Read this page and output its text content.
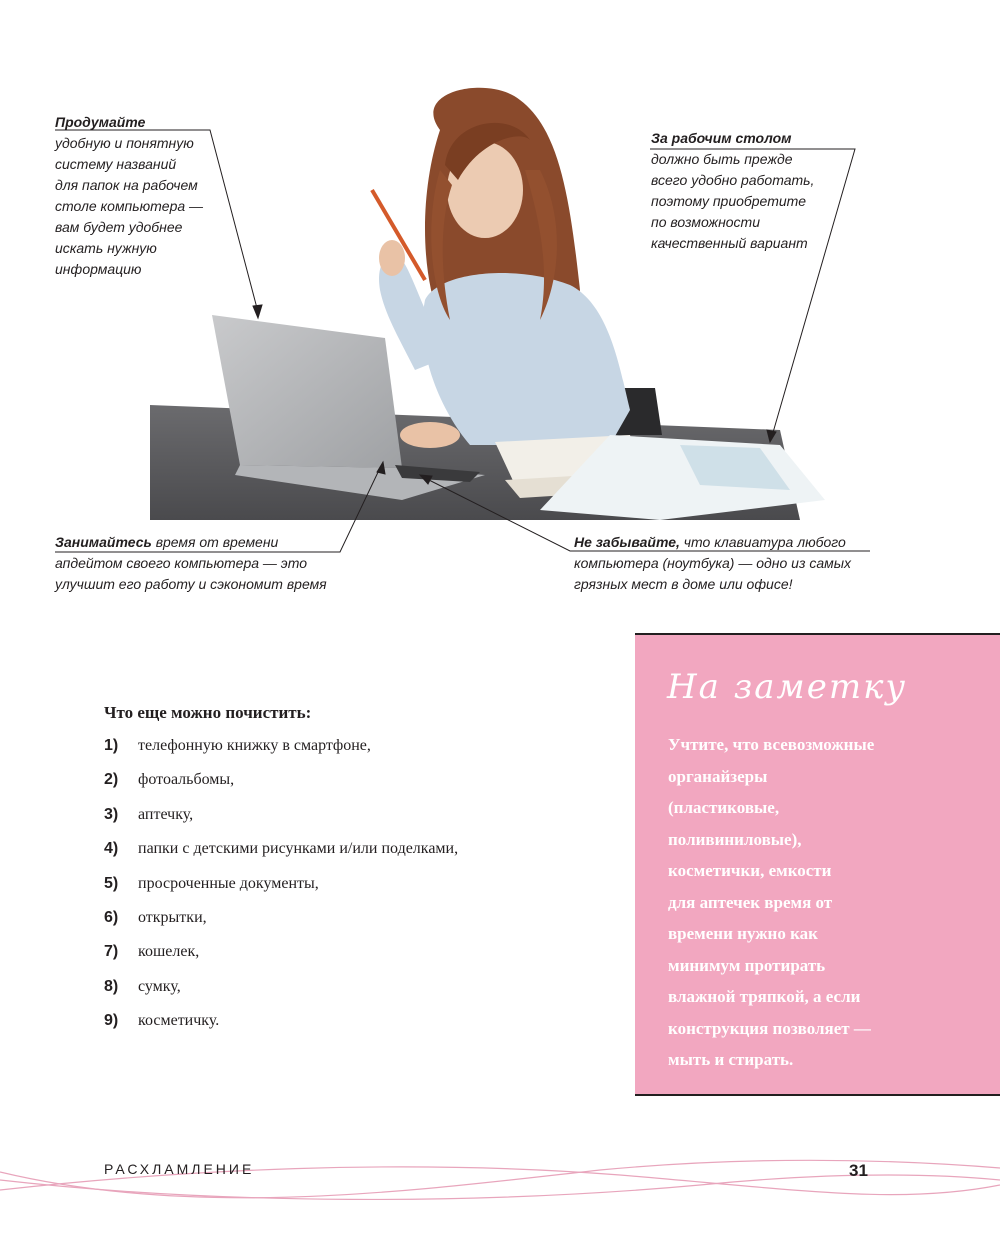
Продумайте
удобную и понятную
систему названий
для папок на рабочем
столе компьютера —
вам будет удобнее
искать нужную
информацию
За рабочим столом
должно быть прежде
всего удобно работать,
поэтому приобретите
по возможности
качественный вариант
Занимайтесь время от времени
апдейтом своего компьютера — это
улучшит его работу и сэкономит время
Не забывайте, что клавиатура любого
компьютера (ноутбука) — одно из самых
грязных мест в доме или офисе!
Что еще можно почистить:
1)	телефонную книжку в смартфоне,
2)	фотоальбомы,
3)	аптечку,
4)	папки с детскими рисунками и/или поделками,
5)	просроченные документы,
6)	открытки,
7)	кошелек,
8)	сумку,
9)	косметичку.
На заметку
Учтите, что всевозможные
органайзеры
(пластиковые,
поливиниловые),
косметички, емкости
для аптечек время от
времени нужно как
минимум протирать
влажной тряпкой, а если
конструкция позволяет —
мыть и стирать.
РАСХЛАМЛЕНИЕ	31
